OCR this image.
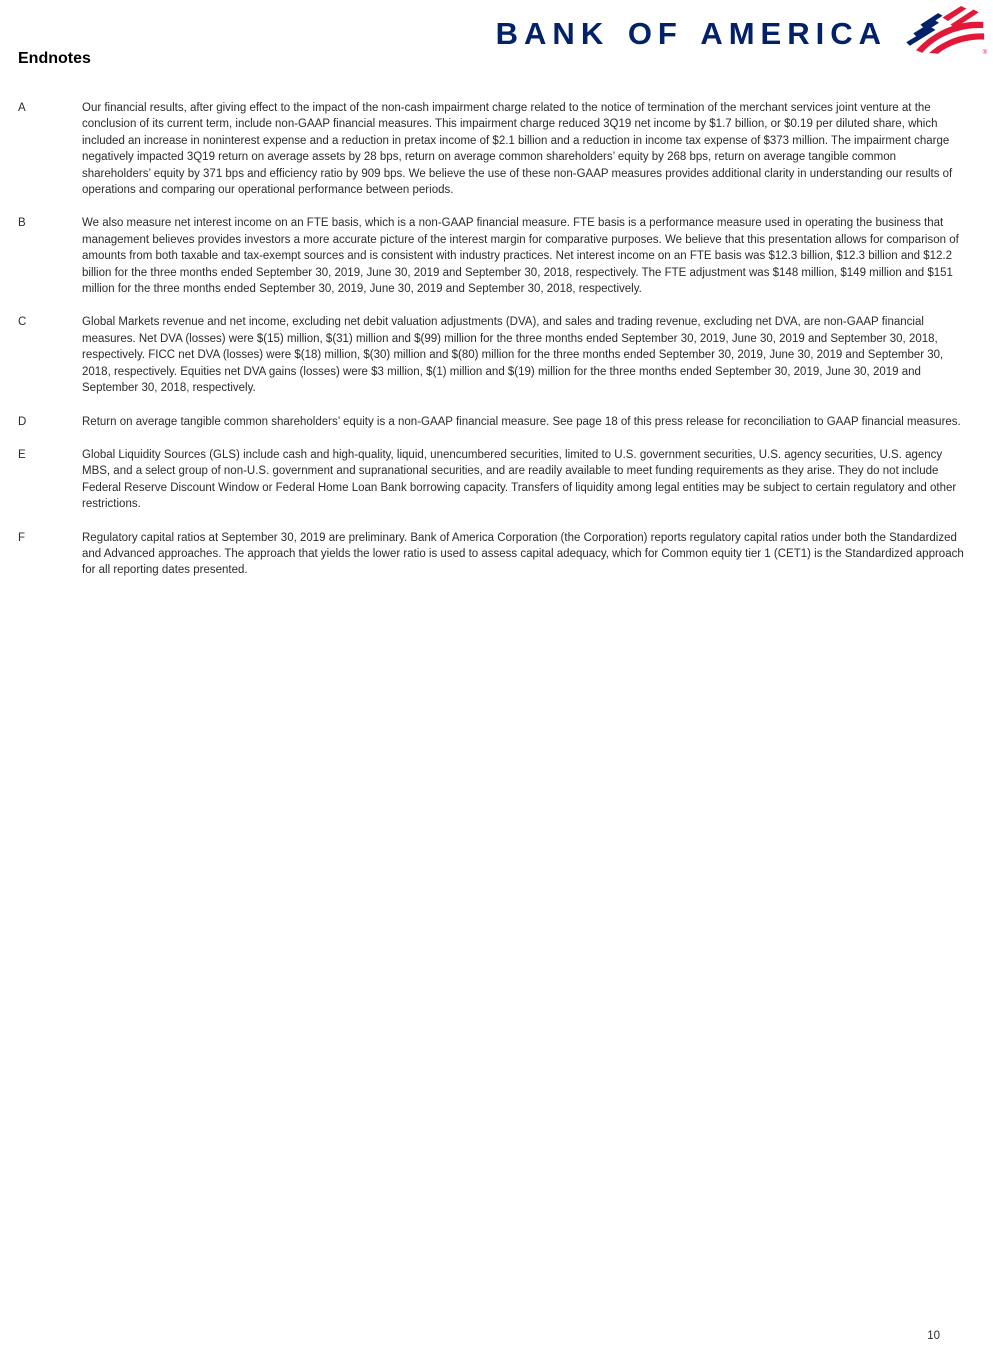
BANK OF AMERICA
®
Endnotes
A	Our financial results, after giving effect to the impact of the non-cash impairment charge related to the notice of termination of the merchant services joint venture at the conclusion of its current term, include non-GAAP financial measures. This impairment charge reduced 3Q19 net income by $1.7 billion, or $0.19 per diluted share, which included an increase in noninterest expense and a reduction in pretax income of $2.1 billion and a reduction in income tax expense of $373 million. The impairment charge negatively impacted 3Q19 return on average assets by 28 bps, return on average common shareholders’ equity by 268 bps, return on average tangible common shareholders’ equity by 371 bps and efficiency ratio by 909 bps. We believe the use of these non-GAAP measures provides additional clarity in understanding our results of operations and comparing our operational performance between periods.
B	We also measure net interest income on an FTE basis, which is a non-GAAP financial measure. FTE basis is a performance measure used in operating the business that management believes provides investors a more accurate picture of the interest margin for comparative purposes. We believe that this presentation allows for comparison of amounts from both taxable and tax-exempt sources and is consistent with industry practices. Net interest income on an FTE basis was $12.3 billion, $12.3 billion and $12.2 billion for the three months ended September 30, 2019, June 30, 2019 and September 30, 2018, respectively. The FTE adjustment was $148 million, $149 million and $151 million for the three months ended September 30, 2019, June 30, 2019 and September 30, 2018, respectively.
C	Global Markets revenue and net income, excluding net debit valuation adjustments (DVA), and sales and trading revenue, excluding net DVA, are non-GAAP financial measures. Net DVA (losses) were $(15) million, $(31) million and $(99) million for the three months ended September 30, 2019, June 30, 2019 and September 30, 2018, respectively. FICC net DVA (losses) were $(18) million, $(30) million and $(80) million for the three months ended September 30, 2019, June 30, 2019 and September 30, 2018, respectively. Equities net DVA gains (losses) were $3 million, $(1) million and $(19) million for the three months ended September 30, 2019, June 30, 2019 and September 30, 2018, respectively.
D	Return on average tangible common shareholders’ equity is a non-GAAP financial measure. See page 18 of this press release for reconciliation to GAAP financial measures.
E	Global Liquidity Sources (GLS) include cash and high-quality, liquid, unencumbered securities, limited to U.S. government securities, U.S. agency securities, U.S. agency MBS, and a select group of non-U.S. government and supranational securities, and are readily available to meet funding requirements as they arise. They do not include Federal Reserve Discount Window or Federal Home Loan Bank borrowing capacity. Transfers of liquidity among legal entities may be subject to certain regulatory and other restrictions.
F	Regulatory capital ratios at September 30, 2019 are preliminary. Bank of America Corporation (the Corporation) reports regulatory capital ratios under both the Standardized and Advanced approaches. The approach that yields the lower ratio is used to assess capital adequacy, which for Common equity tier 1 (CET1) is the Standardized approach for all reporting dates presented.
10
